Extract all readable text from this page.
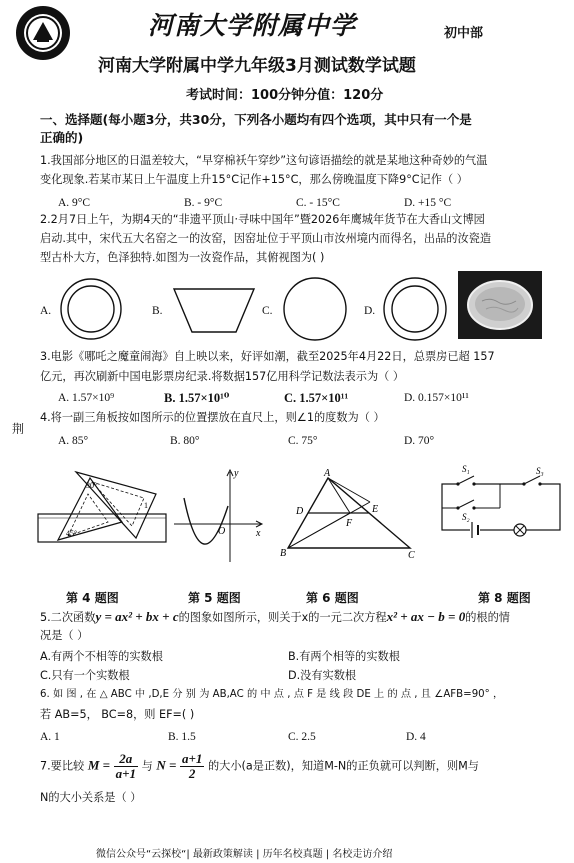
河南大学附属中学	初中部
河南大学附属中学九年级3月测试数学试题
考试时间：100分钟分值：120分
一、选择题(每小题3分，共30分，下列各小题均有四个选项，其中只有一个是
正确的)
1.我国部分地区的日温差较大，“早穿棉袄午穿纱”这句谚语描绘的就是某地这种奇妙的气温
变化现象.若某市某日上午温度上升15°C记作+15°C，那么傍晚温度下降9°C记作（ ）
A. 9°C	B. - 9°C	C. - 15°C	D. +15 °C
2.2月7日上午，为期4天的“非遗平顶山·寻味中国年”暨2026年鹰城年货节在大香山文博园
启动.其中，宋代五大名窑之一的汝窑，因窑址位于平顶山市汝州境内而得名，出品的汝瓷造
型古朴大方，色泽独特.如图为一汝瓷作品，其俯视图为( )
A.	B.	C.	D.
荆
3.电影《哪吒之魔童闹海》自上映以来，好评如潮，截至2025年4月22日，总票房已超 157
亿元，再次刷新中国电影票房纪录.将数据157亿用科学记数法表示为（ ）
A. 1.57×10⁹	B. 1.57×10¹⁰	C. 1.57×10¹¹	D. 0.157×10¹¹
4.将一副三角板按如图所示的位置摆放在直尺上，则∠1的度数为（ ）
A. 85°	B. 80°	C. 75°	D. 70°
30°
45°
1
y
x
O
A
B	C
D	E
F
S₁
S₂
S₃
第 4 题图	第 5 题图	第 6 题图	第 8 题图
5.二次函数y = ax² + bx + c的图象如图所示，则关于x的一元二次方程x² + ax − b = 0的根的情
况是（ ）
A.有两个不相等的实数根	B.有两个相等的实数根
C.只有一个实数根	D.没有实数根
6. 如 图 , 在 △ ABC 中 ,D,E 分 别 为 AB,AC 的 中 点 , 点 F 是 线 段 DE 上 的 点 , 且 ∠AFB=90° ，
若 AB=5， BC=8，则 EF=( )
A. 1	B. 1.5	C. 2.5	D. 4
7.要比较 $M = \frac{2a}{a+1}$ 与 $N = \frac{a+1}{2}$ 的大小(a是正数)，知道M-N的正负就可以判断，则M与
N的大小关系是（ ）
微信公众号“云探校“| 最新政策解读 | 历年名校真题 | 名校走访介绍
